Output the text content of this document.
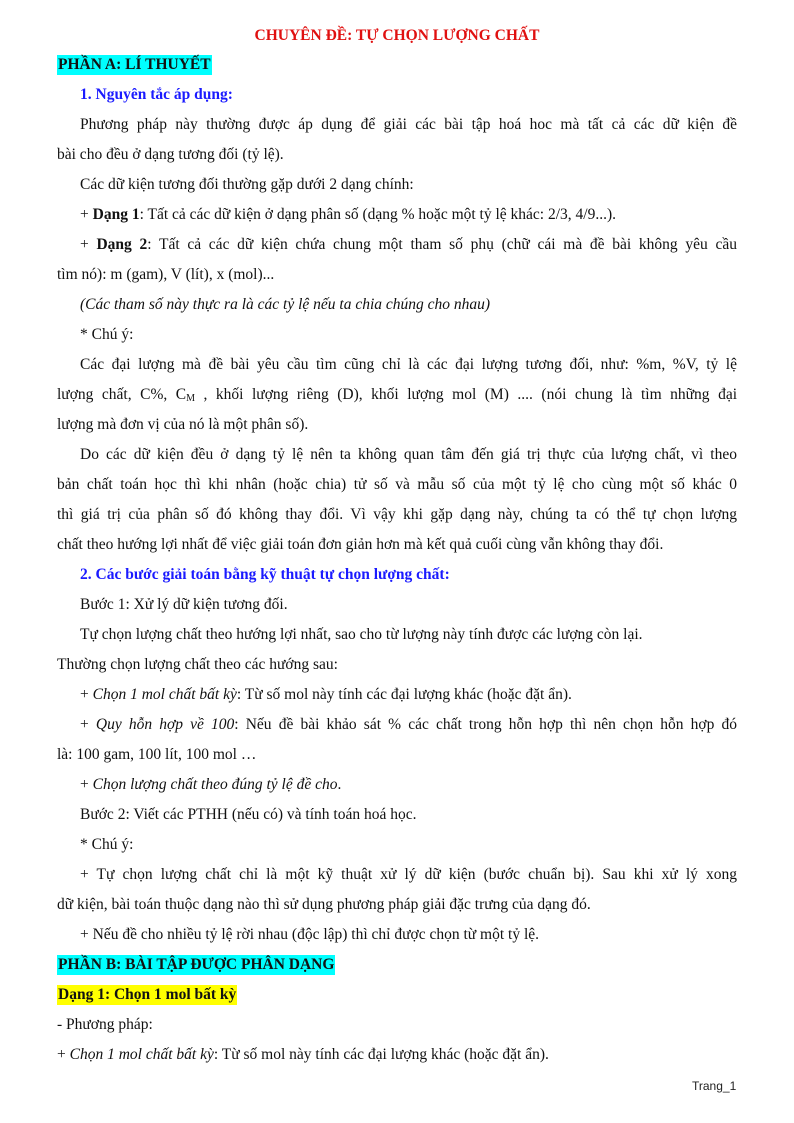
CHUYÊN ĐỀ: TỰ CHỌN LƯỢNG CHẤT
PHẦN A: LÍ THUYẾT
1. Nguyên tắc áp dụng:
Phương pháp này thường được áp dụng để giải các bài tập hoá hoc mà tất cả các dữ kiện đề
bài cho đều ở dạng tương đối (tỷ lệ).
Các dữ kiện tương đối thường gặp dưới 2 dạng chính:
+ Dạng 1: Tất cả các dữ kiện ở dạng phân số (dạng % hoặc một tỷ lệ khác: 2/3, 4/9...).
+ Dạng 2: Tất cả các dữ kiện chứa chung một tham số phụ (chữ cái mà đề bài không yêu cầu
tìm nó): m (gam), V (lít), x (mol)...
(Các tham số này thực ra là các tỷ lệ nếu ta chia chúng cho nhau)
* Chú ý:
Các đại lượng mà đề bài yêu cầu tìm cũng chỉ là các đại lượng tương đối, như: %m, %V, tỷ lệ
lượng chất, C%, $C_M$ , khối lượng riêng (D), khối lượng mol (M) .... (nói chung là tìm những đại
lượng mà đơn vị của nó là một phân số).
Do các dữ kiện đều ở dạng tỷ lệ nên ta không quan tâm đến giá trị thực của lượng chất, vì theo
bản chất toán học thì khi nhân (hoặc chia) tử số và mẫu số của một tỷ lệ cho cùng một số khác 0
thì giá trị của phân số đó không thay đổi. Vì vậy khi gặp dạng này, chúng ta có thể tự chọn lượng
chất theo hướng lợi nhất để việc giải toán đơn giản hơn mà kết quả cuối cùng vẫn không thay đổi.
2. Các bước giải toán bằng kỹ thuật tự chọn lượng chất:
Bước 1: Xử lý dữ kiện tương đối.
Tự chọn lượng chất theo hướng lợi nhất, sao cho từ lượng này tính được các lượng còn lại.
Thường chọn lượng chất theo các hướng sau:
+ Chọn 1 mol chất bất kỳ: Từ số mol này tính các đại lượng khác (hoặc đặt ẩn).
+ Quy hỗn hợp về 100: Nếu đề bài khảo sát % các chất trong hỗn hợp thì nên chọn hỗn hợp đó
là: 100 gam, 100 lít, 100 mol …
+ Chọn lượng chất theo đúng tỷ lệ đề cho.
Bước 2: Viết các PTHH (nếu có) và tính toán hoá học.
* Chú ý:
+ Tự chọn lượng chất chỉ là một kỹ thuật xử lý dữ kiện (bước chuẩn bị). Sau khi xử lý xong
dữ kiện, bài toán thuộc dạng nào thì sử dụng phương pháp giải đặc trưng của dạng đó.
+ Nếu đề cho nhiều tỷ lệ rời nhau (độc lập) thì chỉ được chọn từ một tỷ lệ.
PHẦN B: BÀI TẬP ĐƯỢC PHÂN DẠNG
Dạng 1: Chọn 1 mol bất kỳ
- Phương pháp:
+ Chọn 1 mol chất bất kỳ: Từ số mol này tính các đại lượng khác (hoặc đặt ẩn).
Trang_1
